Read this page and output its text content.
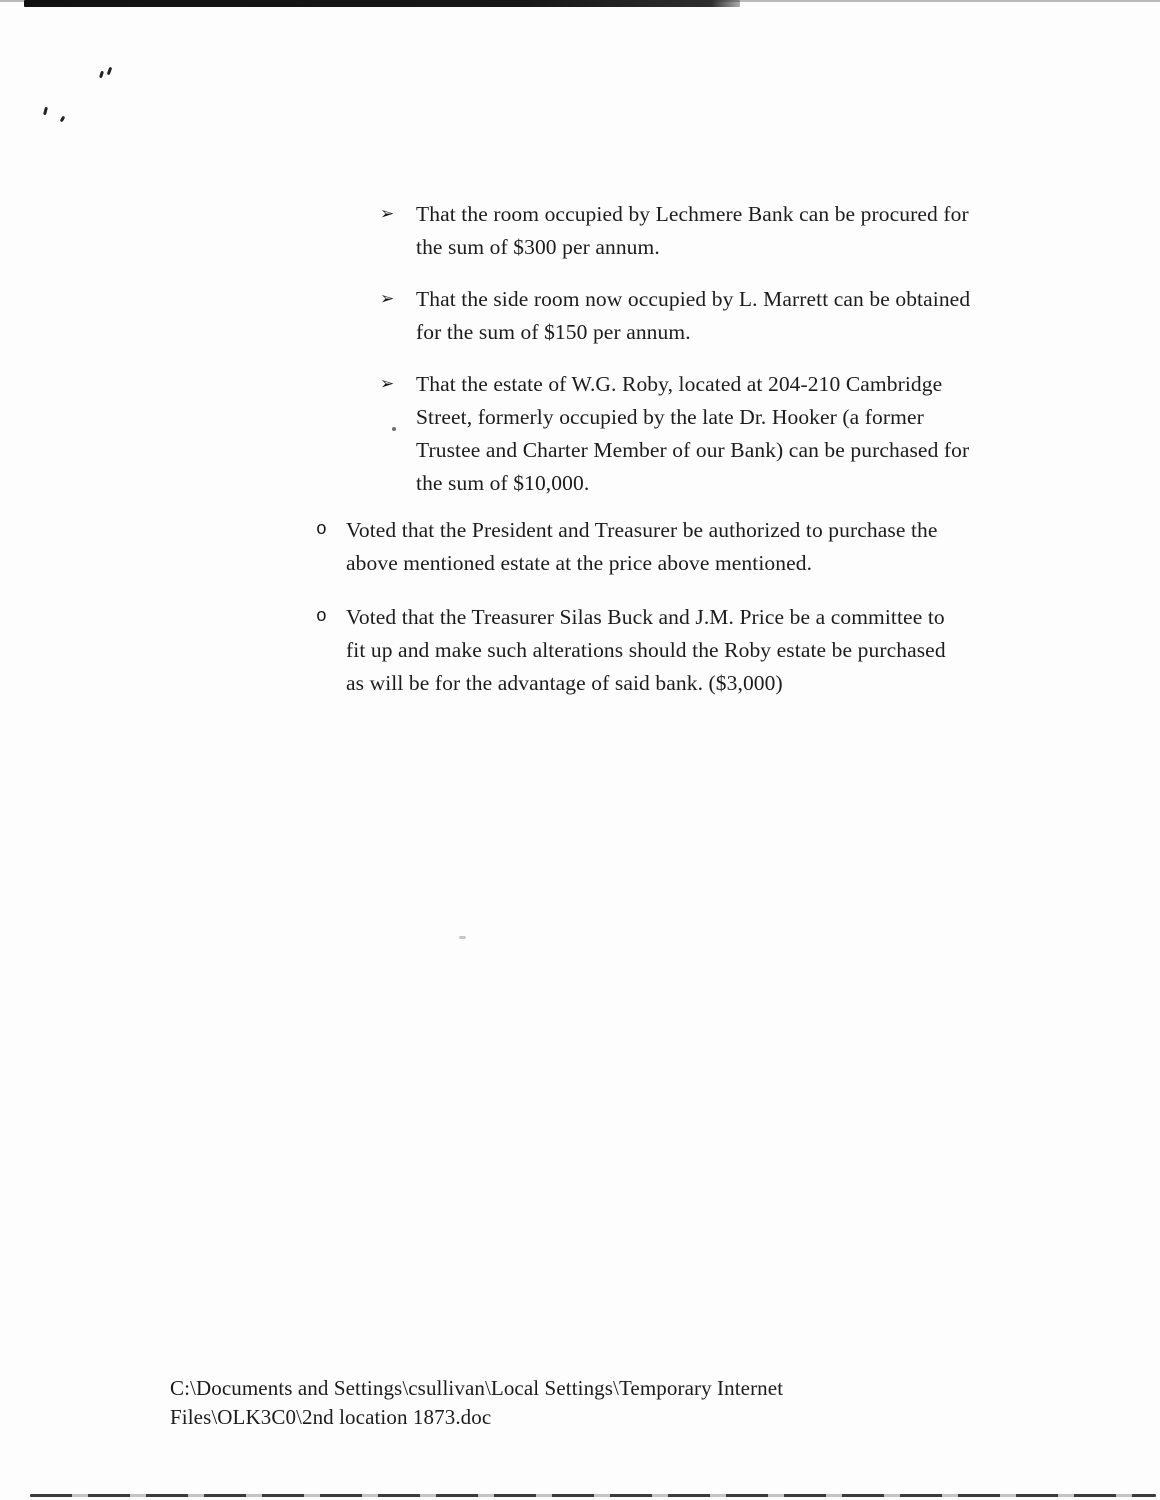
➢	That the room occupied by Lechmere Bank can be procured for
the sum of $300 per annum.
➢	That the side room now occupied by L. Marrett can be obtained
for the sum of $150 per annum.
➢	That the estate of W.G. Roby, located at 204-210 Cambridge
Street, formerly occupied by the late Dr. Hooker (a former
Trustee and Charter Member of our Bank) can be purchased for
the sum of $10,000.
o Voted that the President and Treasurer be authorized to purchase the
above mentioned estate at the price above mentioned.
o Voted that the Treasurer Silas Buck and J.M. Price be a committee to
fit up and make such alterations should the Roby estate be purchased
as will be for the advantage of said bank. ($3,000)
C:\Documents and Settings\csullivan\Local Settings\Temporary Internet
Files\OLK3C0\2nd location 1873.doc
